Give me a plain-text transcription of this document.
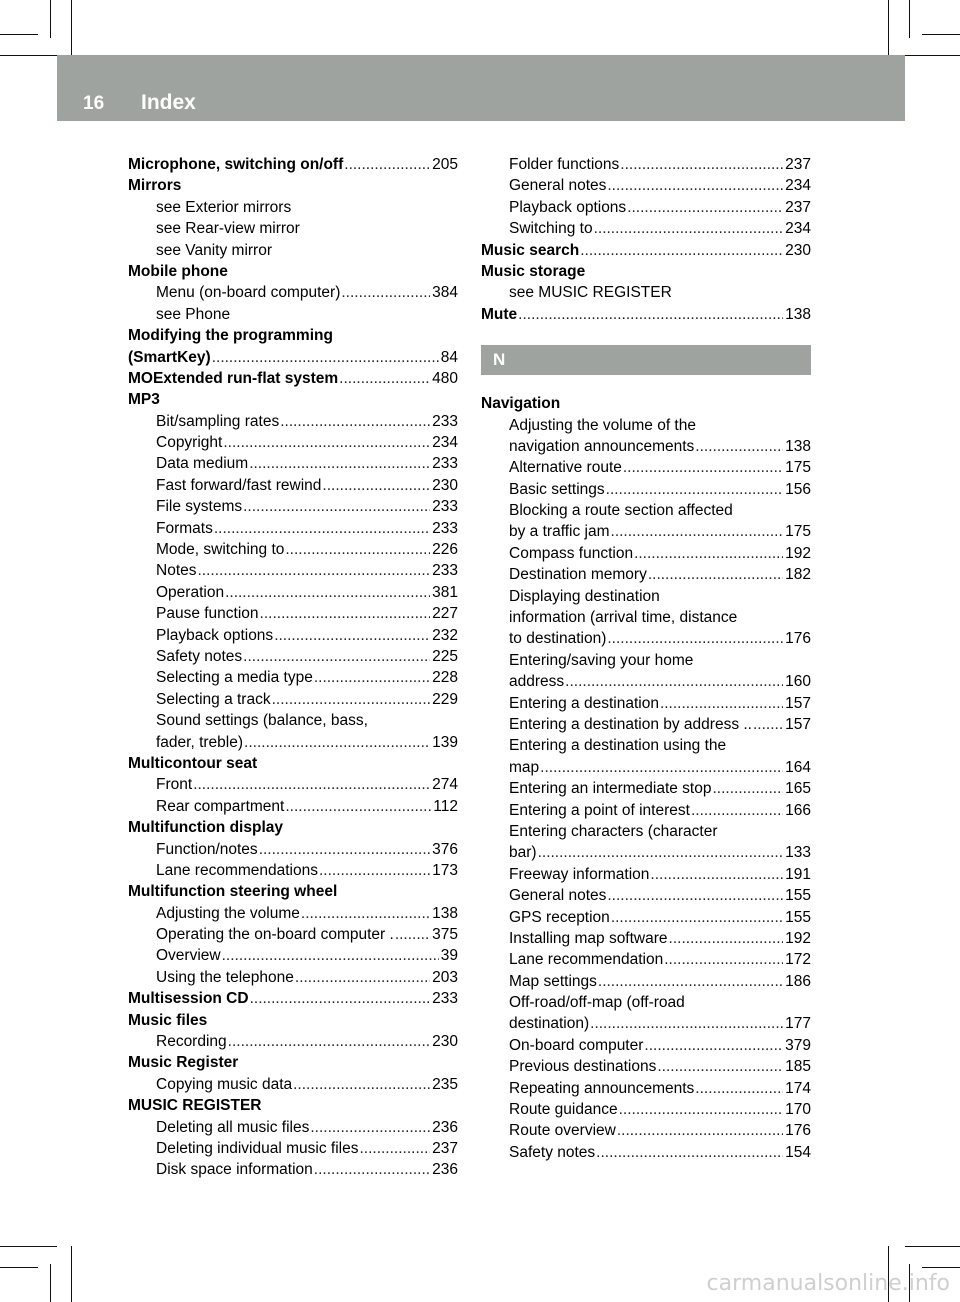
16 Index
Microphone, switching on/off .....	205
Mirrors
see Exterior mirrors
see Rear-view mirror
see Vanity mirror
Mobile phone
Menu (on-board computer) .....	384
see Phone
Modifying the programming
(SmartKey) .....	84
MOExtended run-flat system .....	480
MP3
Bit/sampling rates .....	233
Copyright .....	234
Data medium .....	233
Fast forward/fast rewind .....	230
File systems .....	233
Formats .....	233
Mode, switching to .....	226
Notes .....	233
Operation .....	381
Pause function .....	227
Playback options .....	232
Safety notes .....	225
Selecting a media type .....	228
Selecting a track .....	229
Sound settings (balance, bass,
fader, treble) .....	139
Multicontour seat
Front .....	274
Rear compartment .....	112
Multifunction display
Function/notes .....	376
Lane recommendations .....	173
Multifunction steering wheel
Adjusting the volume .....	138
Operating the on-board computer . ..... 375
Overview .....	39
Using the telephone .....	203
Multisession CD .....	233
Music files
Recording .....	230
Music Register
Copying music data .....	235
MUSIC REGISTER
Deleting all music files .....	236
Deleting individual music files .....	237
Disk space information .....	236
Folder functions .....	237
General notes .....	234
Playback options .....	237
Switching to .....	234
Music search .....	230
Music storage
see MUSIC REGISTER
Mute .....	138
N
Navigation
Adjusting the volume of the
navigation announcements .....	138
Alternative route .....	175
Basic settings .....	156
Blocking a route section affected
by a traffic jam .....	175
Compass function .....	192
Destination memory .....	182
Displaying destination
information (arrival time, distance
to destination) .....	176
Entering/saving your home
address .....	160
Entering a destination .....	157
Entering a destination by address .. ..... 157
Entering a destination using the
map .....	164
Entering an intermediate stop .....	165
Entering a point of interest .....	166
Entering characters (character
bar) .....	133
Freeway information .....	191
General notes .....	155
GPS reception .....	155
Installing map software .....	192
Lane recommendation .....	172
Map settings .....	186
Off-road/off-map (off-road
destination) .....	177
On-board computer .....	379
Previous destinations .....	185
Repeating announcements .....	174
Route guidance .....	170
Route overview .....	176
Safety notes .....	154
carmanualsonline.info
